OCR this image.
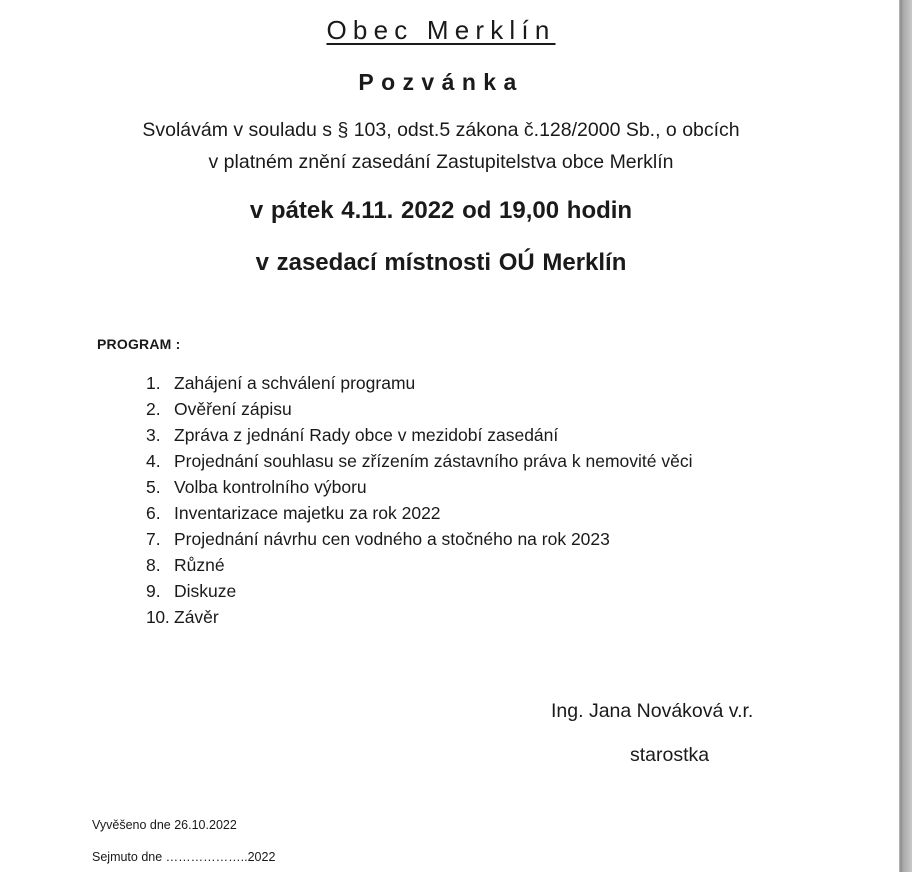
Obec Merklín
Pozvánka
Svolávám v souladu s § 103, odst.5 zákona č.128/2000 Sb., o obcích
v platném znění zasedání Zastupitelstva obce Merklín
v pátek 4.11. 2022 od 19,00 hodin
v zasedací místnosti OÚ Merklín
PROGRAM :
1. Zahájení a schválení programu
2. Ověření zápisu
3. Zpráva z jednání Rady obce v mezidobí zasedání
4. Projednání souhlasu se zřízením zástavního práva k nemovité věci
5. Volba kontrolního výboru
6. Inventarizace majetku za rok 2022
7. Projednání návrhu cen vodného a stočného na rok 2023
8. Různé
9. Diskuze
10. Závěr
Ing. Jana Nováková v.r.
starostka
Vyvěšeno dne 26.10.2022
Sejmuto dne ………………..2022
